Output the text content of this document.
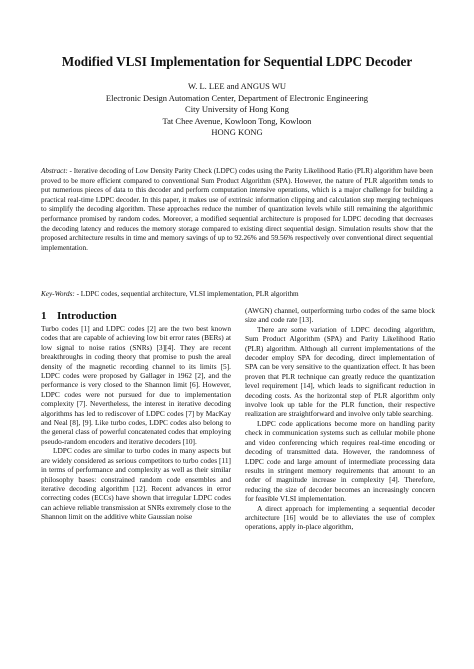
Modified VLSI Implementation for Sequential LDPC Decoder
W. L. LEE and ANGUS WU
Electronic Design Automation Center, Department of Electronic Engineering
City University of Hong Kong
Tat Chee Avenue, Kowloon Tong, Kowloon
HONG KONG
Abstract: - Iterative decoding of Low Density Parity Check (LDPC) codes using the Parity Likelihood Ratio (PLR) algorithm have been proved to be more efficient compared to conventional Sum Product Algorithm (SPA). However, the nature of PLR algorithm tends to put numerious pieces of data to this decoder and perform computation intensive operations, which is a major challenge for building a practical real-time LDPC decoder. In this paper, it makes use of extrinsic information clipping and calculation step merging techniques to simplify the decoding algorithm. These approaches reduce the number of quantization levels while still remaining the algorithmic performance promised by random codes. Moreover, a modified sequential architecture is proposed for LDPC decoding that decreases the decoding latency and reduces the memory storage compared to existing direct sequential design. Simulation results show that the proposed architecture results in time and memory savings of up to 92.26% and 59.56% respectively over conventional direct sequential implementation.
Key-Words: - LDPC codes, sequential architecture, VLSI implementation, PLR algorithm
1 Introduction

Turbo codes [1] and LDPC codes [2] are the two best known codes that are capable of achieving low bit error rates (BERs) at low signal to noise ratios (SNRs) [3][4]. They are recent breakthroughs in coding theory that promise to push the areal density of the magnetic recording channel to its limits [5]. LDPC codes were proposed by Gallager in 1962 [2], and the performance is very closed to the Shannon limit [6]. However, LDPC codes were not pursued for due to implementation complexity [7]. Nevertheless, the interest in iterative decoding algorithms has led to rediscover of LDPC codes [7] by MacKay and Neal [8], [9]. Like turbo codes, LDPC codes also belong to the general class of powerful concatenated codes that employing pseudo-random encoders and iterative decoders [10].

LDPC codes are similar to turbo codes in many aspects but are widely considered as serious competitors to turbo codes [11] in terms of performance and complexity as well as their similar philosophy bases: constrained random code ensembles and iterative decoding algorithm [12]. Recent advances in error correcting codes (ECCs) have shown that irregular LDPC codes can achieve reliable transmission at SNRs extremely close to the Shannon limit on the additive white Gaussian noise

(AWGN) channel, outperforming turbo codes of the same block size and code rate [13].

There are some variation of LDPC decoding algorithm, Sum Product Algorithm (SPA) and Parity Likelihood Ratio (PLR) algorithm. Although all current implementations of the decoder employ SPA for decoding, direct implementation of SPA can be very sensitive to the quantization effect. It has been proven that PLR technique can greatly reduce the quantization level requirement [14], which leads to significant reduction in decoding costs. As the horizontal step of PLR algorithm only involve look up table for the PLR function, their respective realization are straightforward and involve only table searching.

LDPC code applications become more on handling parity check in communication systems such as cellular mobile phone and video conferencing which requires real-time encoding or decoding of transmitted data. However, the randomness of LDPC code and large amount of intermediate processing data results in stringent memory requirements that amount to an order of magnitude increase in complexity [4]. Therefore, reducing the size of decoder becomes an increasingly concern for feasible VLSI implementation.

A direct approach for implementing a sequential decoder architecture [16] would be to alleviates the use of complex operations, apply in-place algorithm,
